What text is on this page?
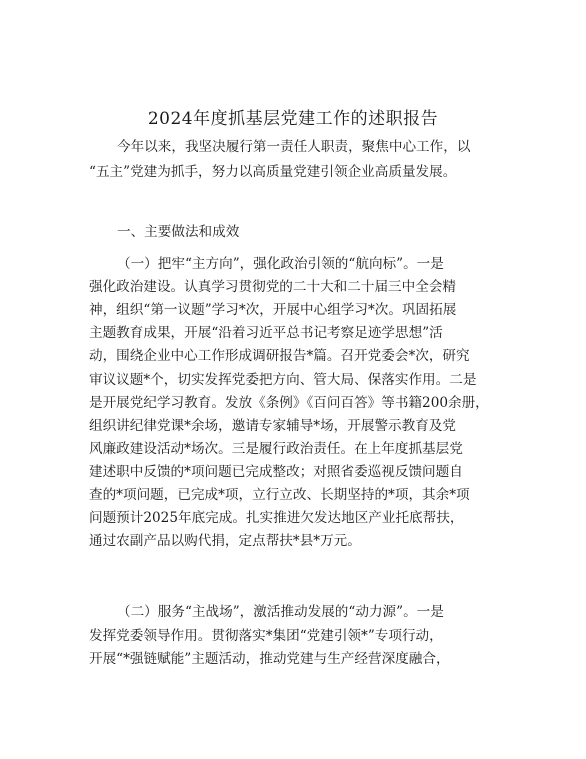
2024年度抓基层党建工作的述职报告

今年以来，我坚决履行第一责任人职责，聚焦中心工作，以

“五主”党建为抓手，努力以高质量党建引领企业高质量发展。

一、主要做法和成效

（一）把牢“主方向”，强化政治引领的“航向标”。一是

强化政治建设。认真学习贯彻党的二十大和二十届三中全会精

神，组织“第一议题”学习*次，开展中心组学习*次。巩固拓展

主题教育成果，开展“沿着习近平总书记考察足迹学思想”活

动，围绕企业中心工作形成调研报告*篇。召开党委会*次，研究

审议议题*个，切实发挥党委把方向、管大局、保落实作用。二是

是开展党纪学习教育。发放《条例》《百问百答》等书籍200余册，

组织讲纪律党课*余场，邀请专家辅导*场，开展警示教育及党

风廉政建设活动*场次。三是履行政治责任。在上年度抓基层党

建述职中反馈的*项问题已完成整改；对照省委巡视反馈问题自

查的*项问题，已完成*项，立行立改、长期坚持的*项，其余*项

问题预计2025年底完成。扎实推进欠发达地区产业托底帮扶，

通过农副产品以购代捐，定点帮扶*县*万元。

（二）服务“主战场”，激活推动发展的“动力源”。一是

发挥党委领导作用。贯彻落实*集团“党建引领*”专项行动，

开展“*强链赋能”主题活动，推动党建与生产经营深度融合，
